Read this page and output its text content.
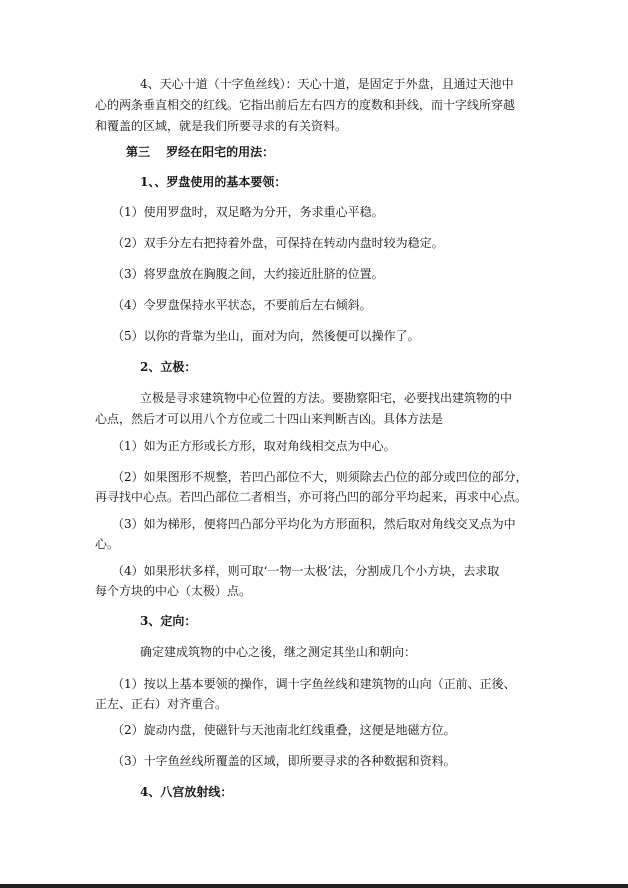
4、天心十道（十字鱼丝线）：天心十道，是固定于外盘，且通过天池中

心的两条垂直相交的红线。它指出前后左右四方的度数和卦线，而十字线所穿越

和覆盖的区域，就是我们所要寻求的有关资料。

第三　 罗经在阳宅的用法：

1、、罗盘使用的基本要领：

（1）使用罗盘时，双足略为分开，务求重心平稳。

（2）双手分左右把持着外盘，可保持在转动内盘时较为稳定。

（3）将罗盘放在胸腹之间，大约接近肚脐的位置。

（4）令罗盘保持水平状态，不要前后左右倾斜。

（5）以你的背靠为坐山，面对为向，然後便可以操作了。

2、立极：

立极是寻求建筑物中心位置的方法。要勘察阳宅，必要找出建筑物的中

心点，然后才可以用八个方位或二十四山来判断吉凶。具体方法是

（1）如为正方形或长方形，取对角线相交点为中心。

（2）如果图形不规整，若凹凸部位不大，则须除去凸位的部分或凹位的部分，

再寻找中心点。若凹凸部位二者相当，亦可将凸凹的部分平均起来，再求中心点。

（3）如为梯形，便将凹凸部分平均化为方形面积，然后取对角线交叉点为中

心。

（4）如果形状多样，则可取‘一物一太极’法，分割成几个小方块，去求取

每个方块的中心（太极）点。

3、定向：

确定建成筑物的中心之後，继之测定其坐山和朝向：

（1）按以上基本要领的操作，调十字鱼丝线和建筑物的山向（正前、正後、

正左、正右）对齐重合。

（2）旋动内盘，使磁针与天池南北红线重叠，这便是地磁方位。

（3）十字鱼丝线所覆盖的区域，即所要寻求的各种数据和资料。

4、八宫放射线：
